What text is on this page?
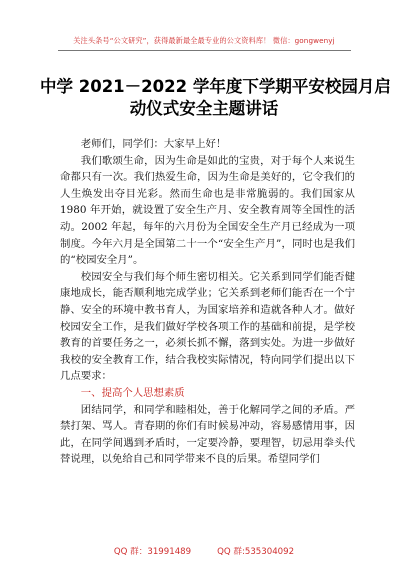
关注头条号“公文研究”，获得最新最全最专业的公文资料库！ 微信：gongwenyj
中学 2021－2022 学年度下学期平安校园月启
动仪式安全主题讲话

老师们，同学们：大家早上好！

我们歌颂生命，因为生命是如此的宝贵，对于每个人来说生命都只有一次。我们热爱生命，因为生命是美好的，它令我们的人生焕发出夺目光彩。然而生命也是非常脆弱的。我们国家从 1980 年开始，就设置了安全生产月、安全教育周等全国性的活动。2002 年起，每年的六月份为全国安全生产月已经成为一项制度。今年六月是全国第二十一个“安全生产月”，同时也是我们的“校园安全月”。

校园安全与我们每个师生密切相关。它关系到同学们能否健康地成长，能否顺利地完成学业；它关系到老师们能否在一个宁静、安全的环境中教书育人，为国家培养和造就各种人才。做好校园安全工作，是我们做好学校各项工作的基础和前提，是学校教育的首要任务之一，必须长抓不懈，落到实处。为进一步做好我校的安全教育工作，结合我校实际情况，特向同学们提出以下几点要求：

一、提高个人思想素质

团结同学，和同学和睦相处，善于化解同学之间的矛盾。严禁打架、骂人。青春期的你们有时候易冲动，容易感情用事，因此，在同学间遇到矛盾时，一定要冷静，要理智，切忌用拳头代替说理，以免给自己和同学带来不良的后果。希望同学们

QQ 群：31991489	QQ 群:535304092
